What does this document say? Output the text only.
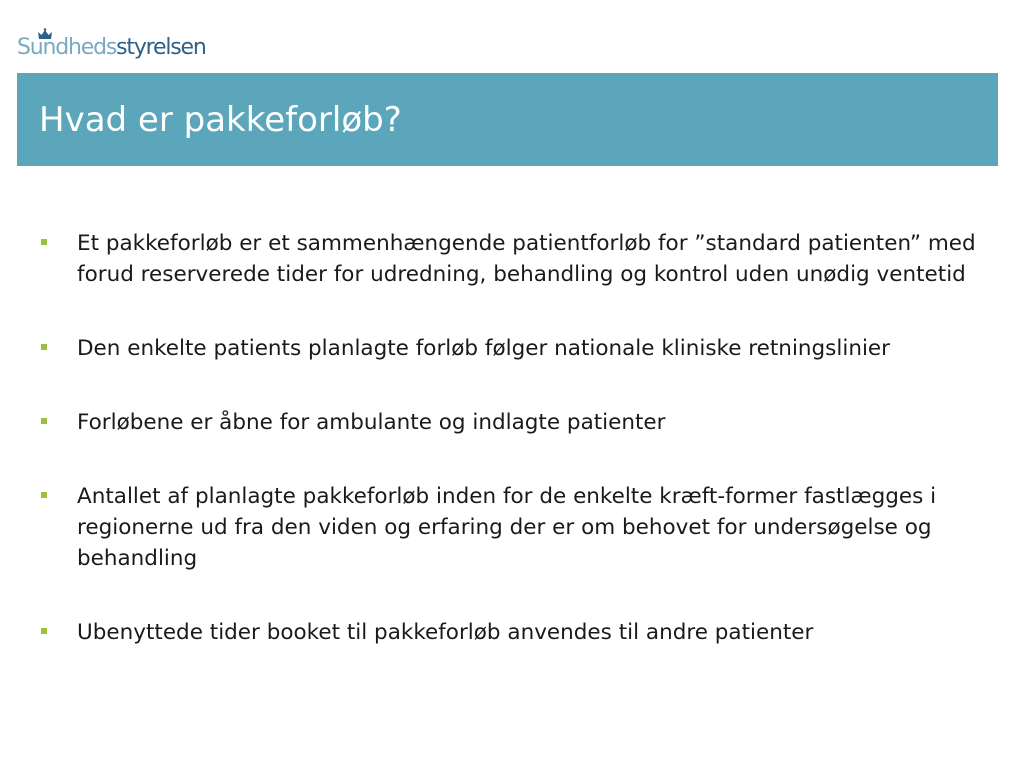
Sundhedsstyrelsen
Hvad er pakkeforløb?
Et pakkeforløb er et sammenhængende patientforløb for ”standard patienten” med forud reserverede tider for udredning, behandling og kontrol uden unødig ventetid
Den enkelte patients planlagte forløb følger nationale kliniske retningslinier
Forløbene er åbne for ambulante og indlagte patienter
Antallet af planlagte pakkeforløb inden for de enkelte kræft-former fastlægges i regionerne ud fra den viden og erfaring der er om behovet for undersøgelse og behandling
Ubenyttede tider booket til pakkeforløb anvendes til andre patienter
